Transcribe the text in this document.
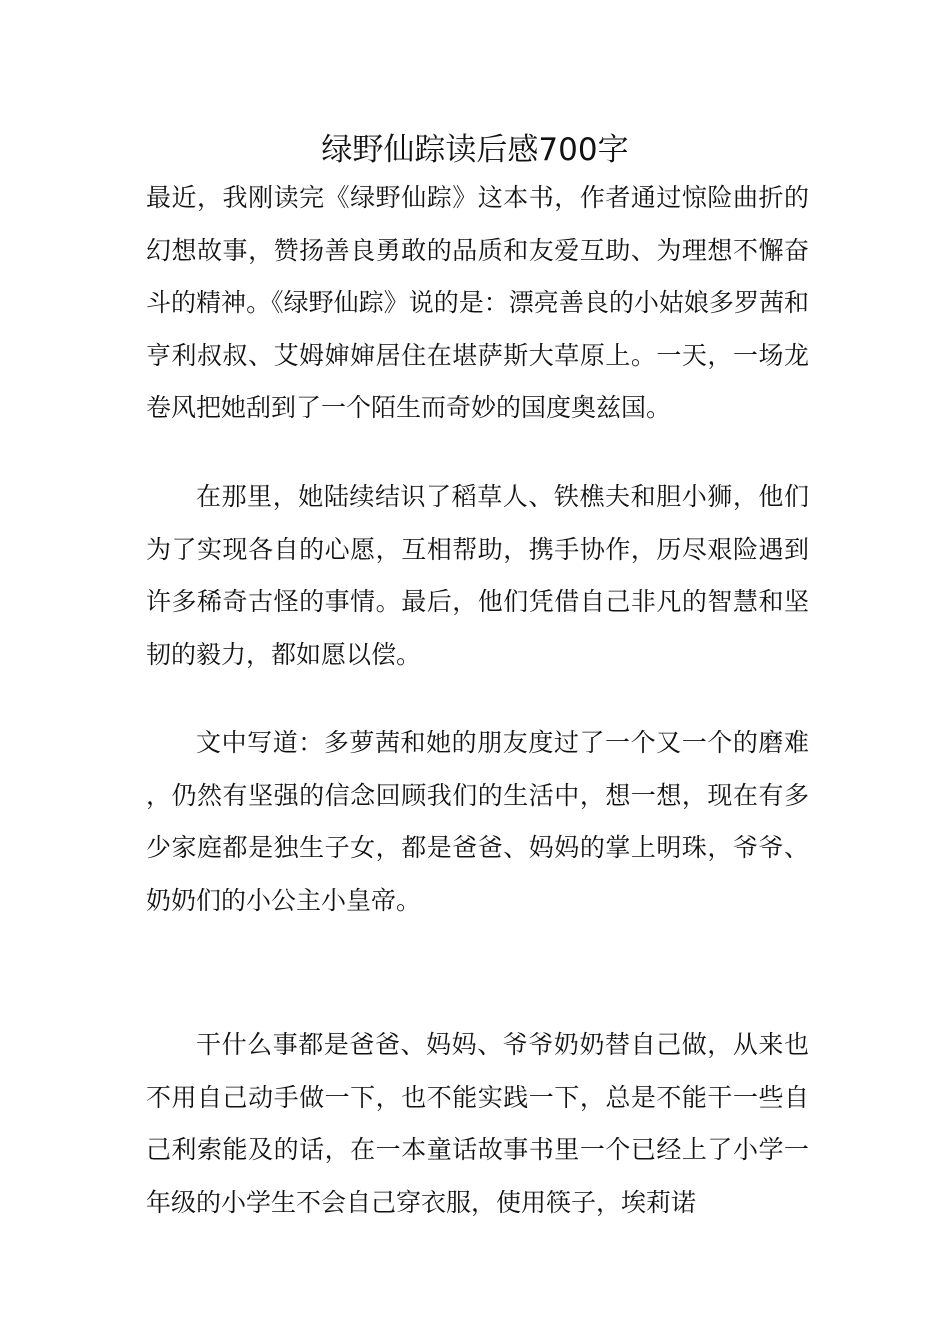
绿野仙踪读后感700字

最近，我刚读完《绿野仙踪》这本书，作者通过惊险曲折的幻想故事，赞扬善良勇敢的品质和友爱互助、为理想不懈奋斗的精神。《绿野仙踪》说的是：漂亮善良的小姑娘多罗茜和亨利叔叔、艾姆婶婶居住在堪萨斯大草原上。一天，一场龙卷风把她刮到了一个陌生而奇妙的国度奥兹国。

在那里，她陆续结识了稻草人、铁樵夫和胆小狮，他们为了实现各自的心愿，互相帮助，携手协作，历尽艰险遇到许多稀奇古怪的事情。最后，他们凭借自己非凡的智慧和坚韧的毅力，都如愿以偿。

文中写道：多萝茜和她的朋友度过了一个又一个的磨难，仍然有坚强的信念回顾我们的生活中，想一想，现在有多少家庭都是独生子女，都是爸爸、妈妈的掌上明珠，爷爷、奶奶们的小公主小皇帝。

干什么事都是爸爸、妈妈、爷爷奶奶替自己做，从来也不用自己动手做一下，也不能实践一下，总是不能干一些自己利索能及的话，在一本童话故事书里一个已经上了小学一年级的小学生不会自己穿衣服，使用筷子，埃莉诺
